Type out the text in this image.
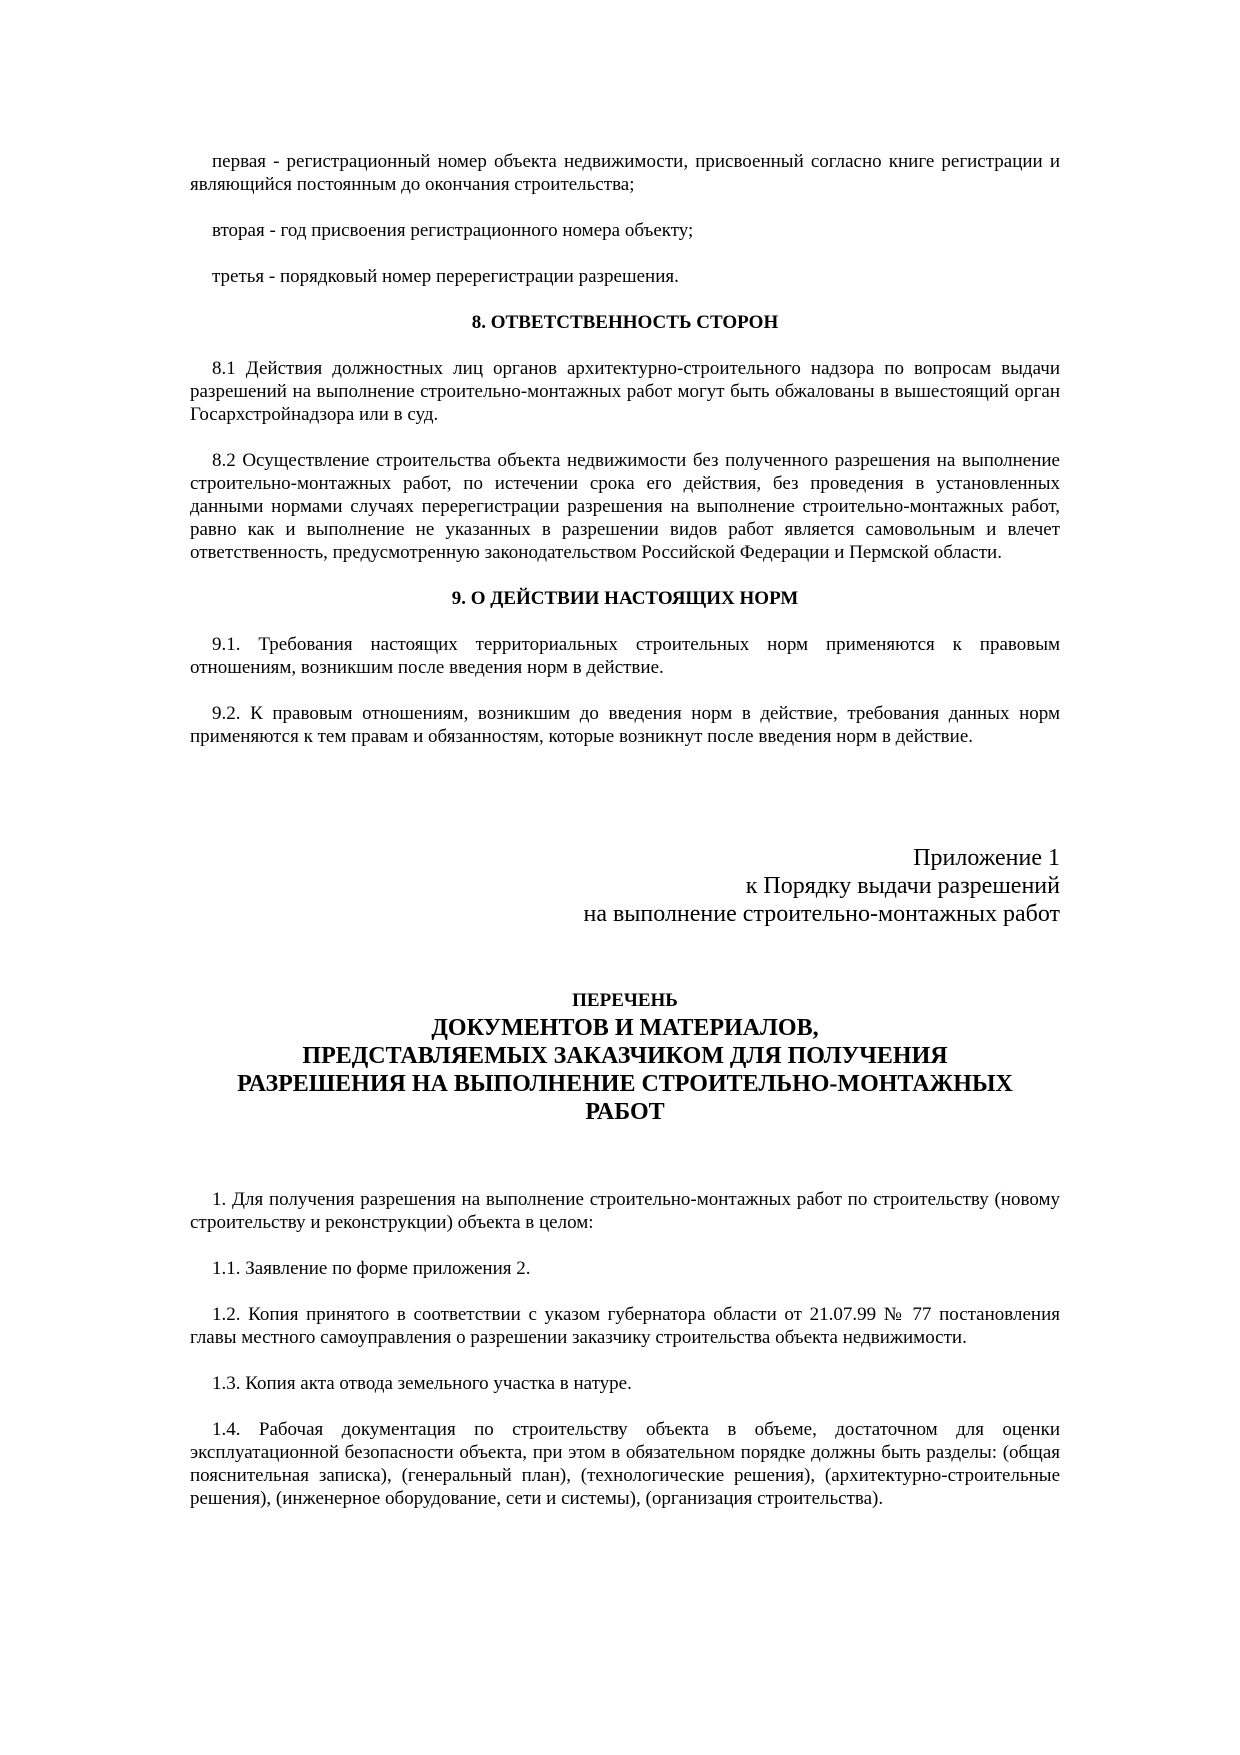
первая - регистрационный номер объекта недвижимости, присвоенный согласно книге регистрации и являющийся постоянным до окончания строительства;

вторая - год присвоения регистрационного номера объекту;

третья - порядковый номер перерегистрации разрешения.

8. ОТВЕТСТВЕННОСТЬ СТОРОН

8.1 Действия должностных лиц органов архитектурно-строительного надзора по вопросам выдачи разрешений на выполнение строительно-монтажных работ могут быть обжалованы в вышестоящий орган Госархстройнадзора или в суд.

8.2 Осуществление строительства объекта недвижимости без полученного разрешения на выполнение строительно-монтажных работ, по истечении срока его действия, без проведения в установленных данными нормами случаях перерегистрации разрешения на выполнение строительно-монтажных работ, равно как и выполнение не указанных в разрешении видов работ является самовольным и влечет ответственность, предусмотренную законодательством Российской Федерации и Пермской области.

9. О ДЕЙСТВИИ НАСТОЯЩИХ НОРМ

9.1. Требования настоящих территориальных строительных норм применяются к правовым отношениям, возникшим после введения норм в действие.

9.2. К правовым отношениям, возникшим до введения норм в действие, требования данных норм применяются к тем правам и обязанностям, которые возникнут после введения норм в действие.

Приложение 1
к Порядку выдачи разрешений
на выполнение строительно-монтажных работ
ПЕРЕЧЕНЬ
ДОКУМЕНТОВ И МАТЕРИАЛОВ,
ПРЕДСТАВЛЯЕМЫХ ЗАКАЗЧИКОМ ДЛЯ ПОЛУЧЕНИЯ
РАЗРЕШЕНИЯ НА ВЫПОЛНЕНИЕ СТРОИТЕЛЬНО-МОНТАЖНЫХ
РАБОТ

1. Для получения разрешения на выполнение строительно-монтажных работ по строительству (новому строительству и реконструкции) объекта в целом:

1.1. Заявление по форме приложения 2.

1.2. Копия принятого в соответствии с указом губернатора области от 21.07.99 № 77 постановления главы местного самоуправления о разрешении заказчику строительства объекта недвижимости.

1.3. Копия акта отвода земельного участка в натуре.

1.4. Рабочая документация по строительству объекта в объеме, достаточном для оценки эксплуатационной безопасности объекта, при этом в обязательном порядке должны быть разделы: (общая пояснительная записка), (генеральный план), (технологические решения), (архитектурно-строительные решения), (инженерное оборудование, сети и системы), (организация строительства).
